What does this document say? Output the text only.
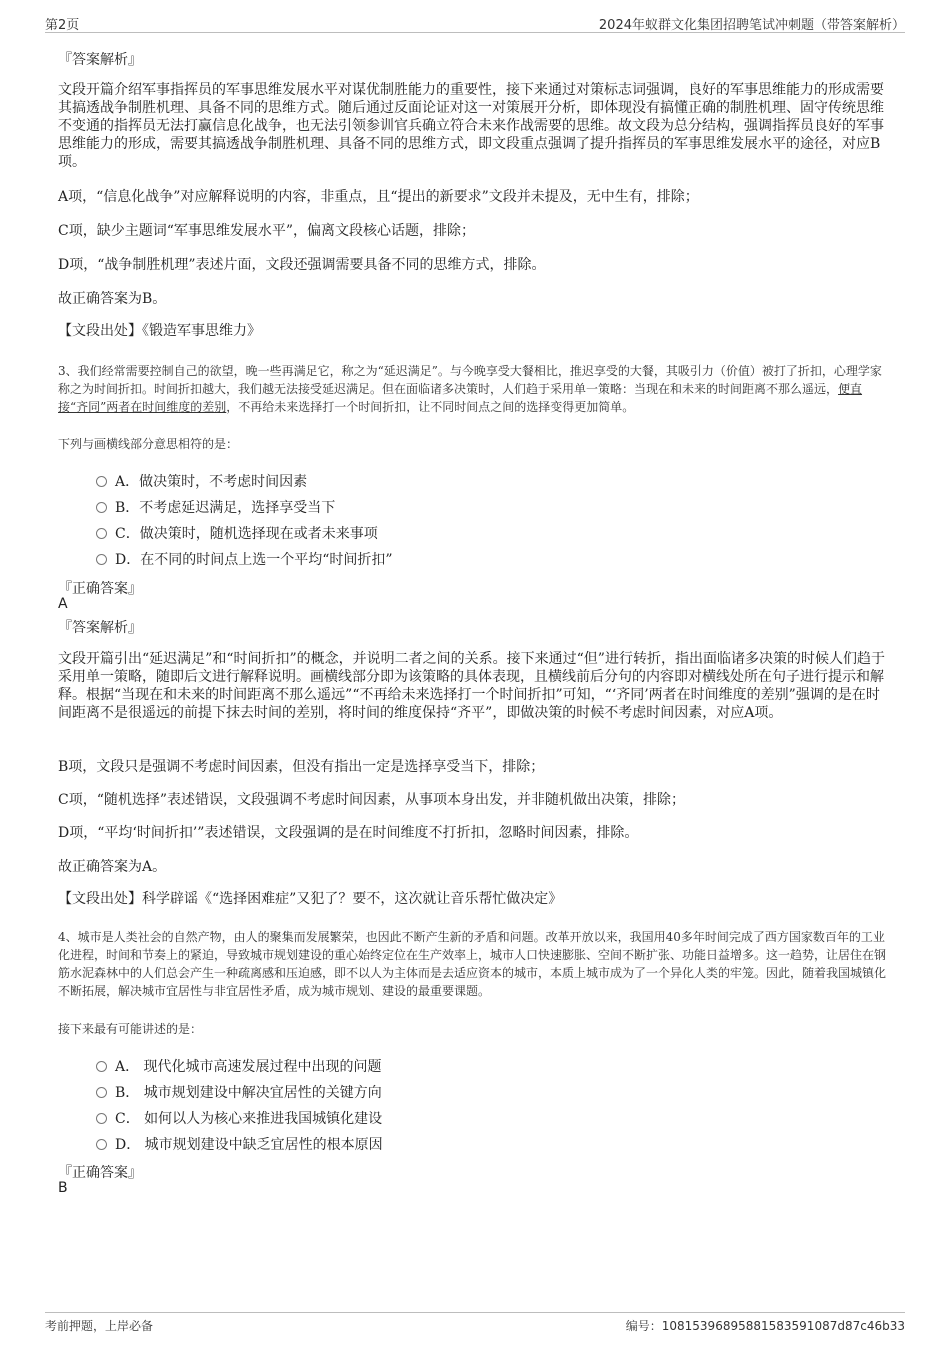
第2页	2024年蚁群文化集团招聘笔试冲刺题（带答案解析）
『答案解析』
文段开篇介绍军事指挥员的军事思维发展水平对谋优制胜能力的重要性，接下来通过对策标志词强调，良好的军事思维能力的形成需要其搞透战争制胜机理、具备不同的思维方式。随后通过反面论证对这一对策展开分析，即体现没有搞懂正确的制胜机理、固守传统思维不变通的指挥员无法打赢信息化战争，也无法引领参训官兵确立符合未来作战需要的思维。故文段为总分结构，强调指挥员良好的军事思维能力的形成，需要其搞透战争制胜机理、具备不同的思维方式，即文段重点强调了提升指挥员的军事思维发展水平的途径，对应B项。
A项，“信息化战争”对应解释说明的内容，非重点，且“提出的新要求”文段并未提及，无中生有，排除；
C项，缺少主题词“军事思维发展水平”，偏离文段核心话题，排除；
D项，“战争制胜机理”表述片面，文段还强调需要具备不同的思维方式，排除。
故正确答案为B。
【文段出处】《锻造军事思维力》
3、我们经常需要控制自己的欲望，晚一些再满足它，称之为“延迟满足”。与今晚享受大餐相比，推迟享受的大餐，其吸引力（价值）被打了折扣，心理学家称之为时间折扣。时间折扣越大，我们越无法接受延迟满足。但在面临诸多决策时，人们趋于采用单一策略：当现在和未来的时间距离不那么遥远，便直接“齐同”两者在时间维度的差别，不再给未来选择打一个时间折扣，让不同时间点之间的选择变得更加简单。
下列与画横线部分意思相符的是：
A．做决策时，不考虑时间因素
B．不考虑延迟满足，选择享受当下
C．做决策时，随机选择现在或者未来事项
D．在不同的时间点上选一个平均“时间折扣”
『正确答案』
A
『答案解析』
文段开篇引出“延迟满足”和“时间折扣”的概念，并说明二者之间的关系。接下来通过“但”进行转折，指出面临诸多决策的时候人们趋于采用单一策略，随即后文进行解释说明。画横线部分即为该策略的具体表现，且横线前后分句的内容即对横线处所在句子进行提示和解释。根据“当现在和未来的时间距离不那么遥远”“不再给未来选择打一个时间折扣”可知，“‘齐同’两者在时间维度的差别”强调的是在时间距离不是很遥远的前提下抹去时间的差别，将时间的维度保持“齐平”，即做决策的时候不考虑时间因素，对应A项。
B项，文段只是强调不考虑时间因素，但没有指出一定是选择享受当下，排除；
C项，“随机选择”表述错误，文段强调不考虑时间因素，从事项本身出发，并非随机做出决策，排除；
D项，“平均‘时间折扣’”表述错误，文段强调的是在时间维度不打折扣，忽略时间因素，排除。
故正确答案为A。
【文段出处】科学辟谣《“选择困难症”又犯了？要不，这次就让音乐帮忙做决定》
4、城市是人类社会的自然产物，由人的聚集而发展繁荣，也因此不断产生新的矛盾和问题。改革开放以来，我国用40多年时间完成了西方国家数百年的工业化进程，时间和节奏上的紧迫，导致城市规划建设的重心始终定位在生产效率上，城市人口快速膨胀、空间不断扩张、功能日益增多。这一趋势，让居住在钢筋水泥森林中的人们总会产生一种疏离感和压迫感，即不以人为主体而是去适应资本的城市，本质上城市成为了一个异化人类的牢笼。因此，随着我国城镇化不断拓展，解决城市宜居性与非宜居性矛盾，成为城市规划、建设的最重要课题。
接下来最有可能讲述的是：
A． 现代化城市高速发展过程中出现的问题
B． 城市规划建设中解决宜居性的关键方向
C． 如何以人为核心来推进我国城镇化建设
D． 城市规划建设中缺乏宜居性的根本原因
『正确答案』
B
考前押题，上岸必备	编号：1081539689588158359108​7d87c46b33
